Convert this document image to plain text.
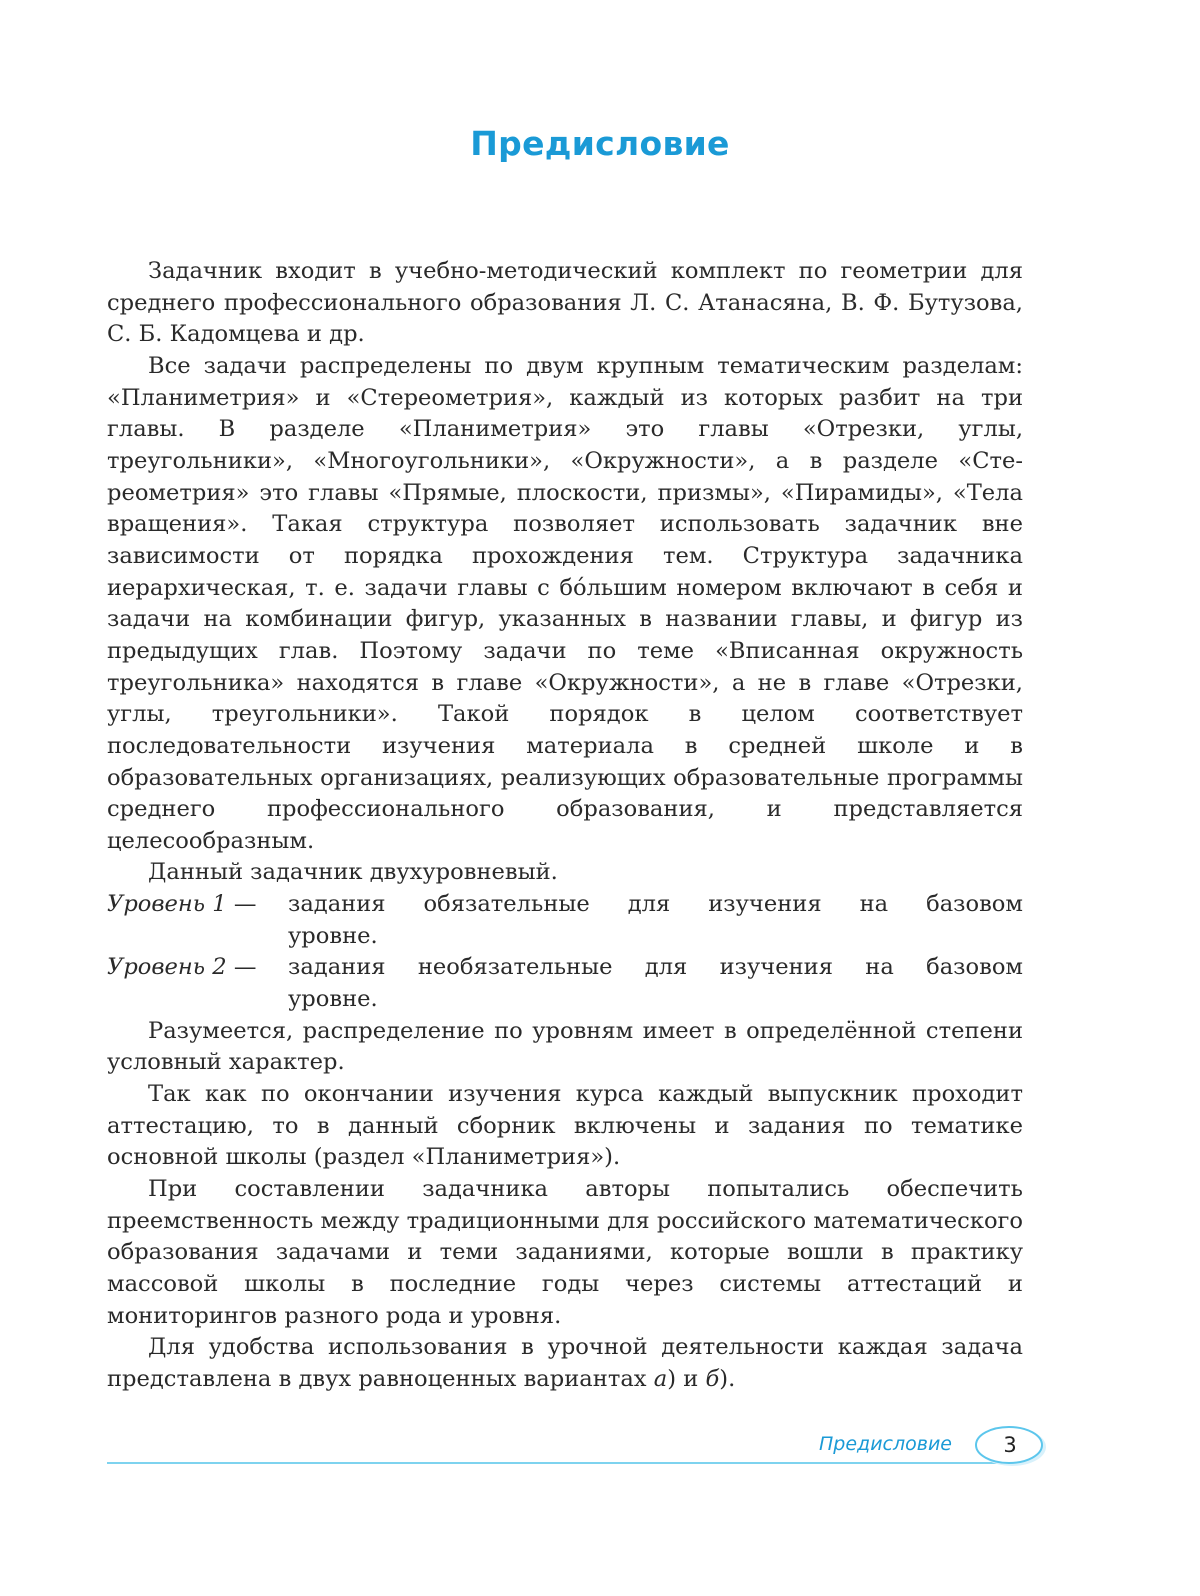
Предисловие

Задачник входит в учебно-методический комплект по геометрии для среднего профессионального образования Л. С. Атанасяна, В. Ф. Бутузова, С. Б. Кадомцева и др.

Все задачи распределены по двум крупным тематическим разделам: «Планиметрия» и «Стереометрия», каждый из которых разбит на три главы. В разделе «Планиметрия» это главы «Отрезки, углы, треугольники», «Многоугольники», «Окружности», а в разделе «Стереометрия» это главы «Прямые, плоскости, призмы», «Пирамиды», «Тела вращения». Такая структура позволяет использовать задачник вне зависимости от порядка прохождения тем. Структура задачника иерархическая, т. е. задачи главы с бо́льшим номером включают в себя и задачи на комбинации фигур, указанных в названии главы, и фигур из предыдущих глав. Поэтому задачи по теме «Вписанная окружность треугольника» находятся в главе «Окружности», а не в главе «Отрезки, углы, треугольники». Такой порядок в целом соответствует последовательности изучения материала в средней школе и в образовательных организациях, реализующих образовательные программы среднего профессионального образования, и представляется целесообразным.

Данный задачник двухуровневый.

Уровень 1 —	задания обязательные для изучения на базовом
уровне.
Уровень 2 —	задания необязательные для изучения на базовом
уровне.

Разумеется, распределение по уровням имеет в определённой степени условный характер.

Так как по окончании изучения курса каждый выпускник проходит аттестацию, то в данный сборник включены и задания по тематике основной школы (раздел «Планиметрия»).

При составлении задачника авторы попытались обеспечить преемственность между традиционными для российского математического образования задачами и теми заданиями, которые вошли в практику массовой школы в последние годы через системы аттестаций и мониторингов разного рода и уровня.

Для удобства использования в урочной деятельности каждая задача представлена в двух равноценных вариантах а) и б).

Предисловие	3
